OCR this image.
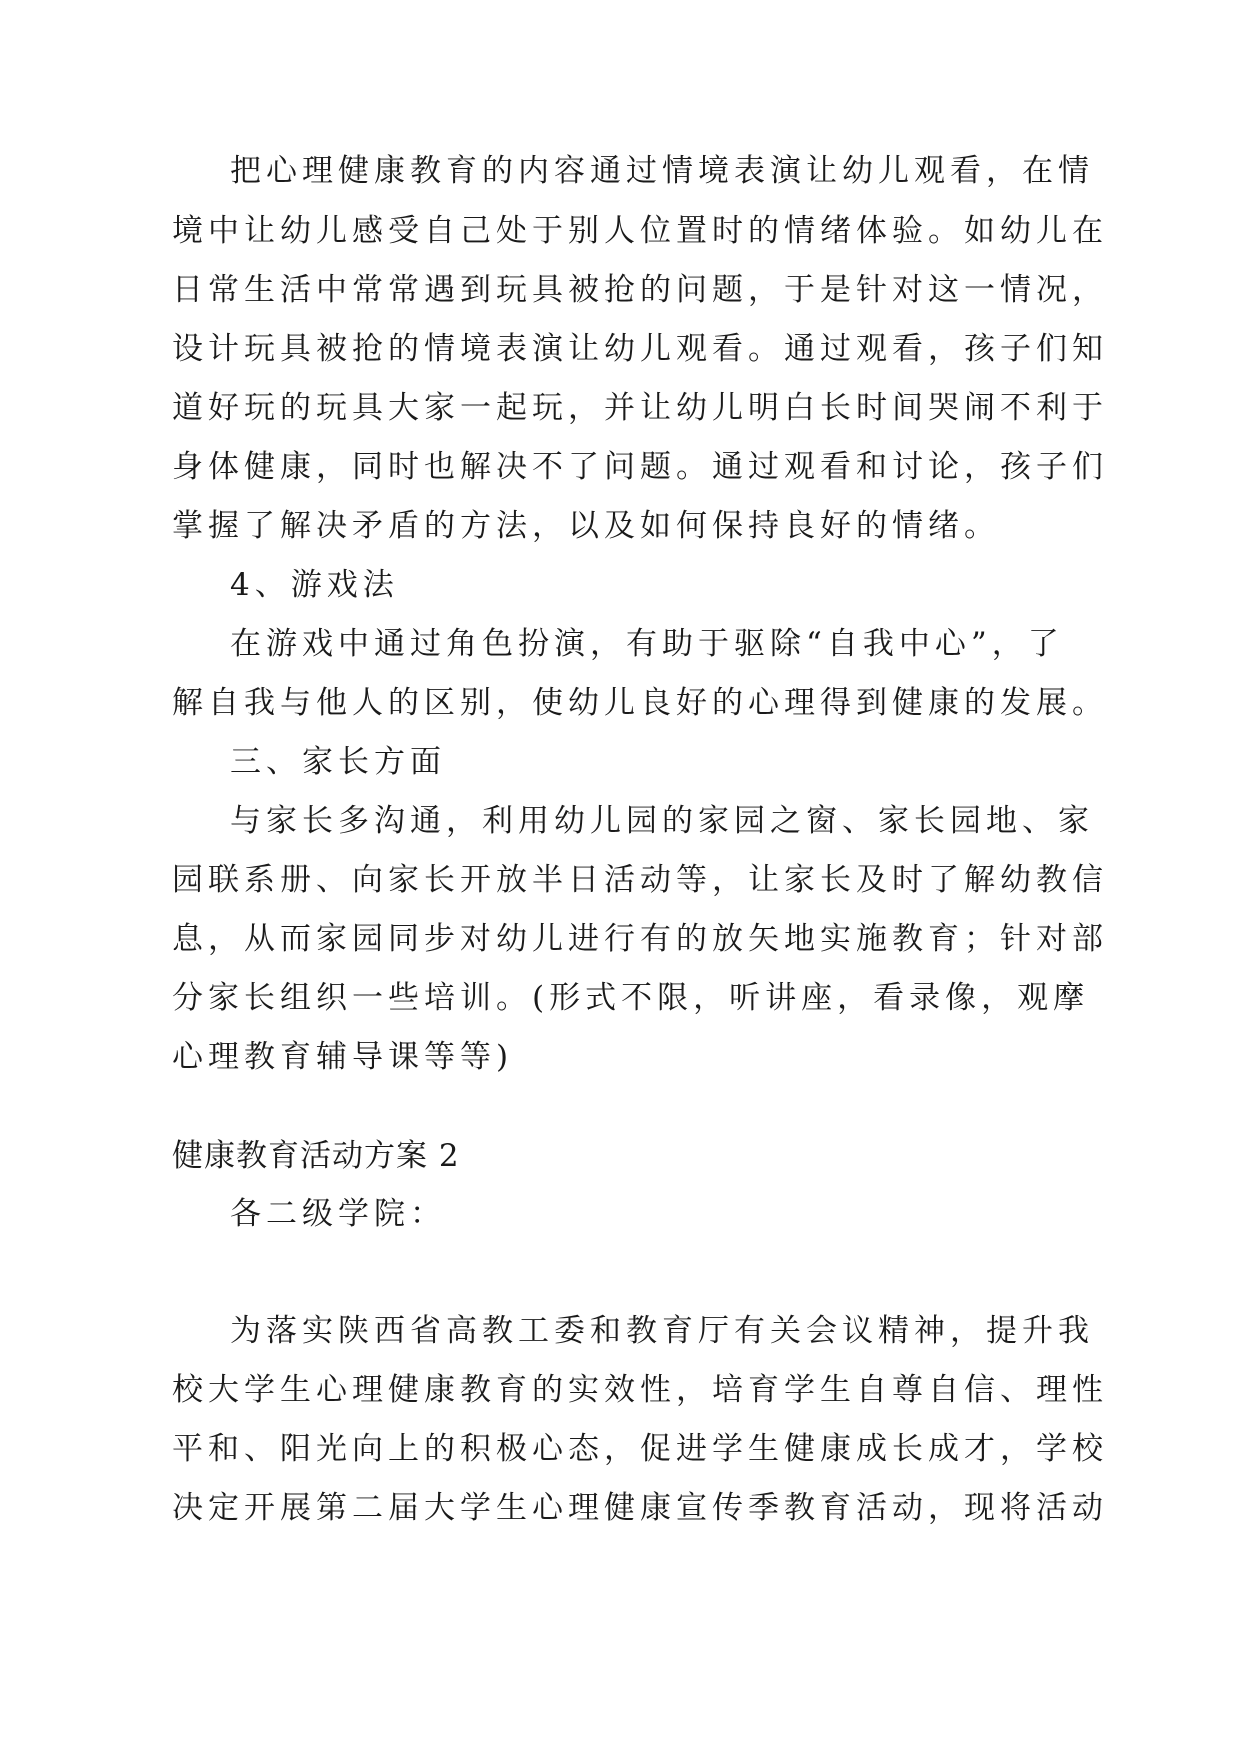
把心理健康教育的内容通过情境表演让幼儿观看，在情
境中让幼儿感受自己处于别人位置时的情绪体验。如幼儿在
日常生活中常常遇到玩具被抢的问题，于是针对这一情况，
设计玩具被抢的情境表演让幼儿观看。通过观看，孩子们知
道好玩的玩具大家一起玩，并让幼儿明白长时间哭闹不利于
身体健康，同时也解决不了问题。通过观看和讨论，孩子们
掌握了解决矛盾的方法，以及如何保持良好的情绪。
4、游戏法
在游戏中通过角色扮演，有助于驱除“自我中心”，了
解自我与他人的区别，使幼儿良好的心理得到健康的发展。
三、家长方面
与家长多沟通，利用幼儿园的家园之窗、家长园地、家
园联系册、向家长开放半日活动等，让家长及时了解幼教信
息，从而家园同步对幼儿进行有的放矢地实施教育；针对部
分家长组织一些培训。(形式不限，听讲座，看录像，观摩
心理教育辅导课等等)
健康教育活动方案 2
各二级学院：
为落实陕西省高教工委和教育厅有关会议精神，提升我
校大学生心理健康教育的实效性，培育学生自尊自信、理性
平和、阳光向上的积极心态，促进学生健康成长成才，学校
决定开展第二届大学生心理健康宣传季教育活动，现将活动
